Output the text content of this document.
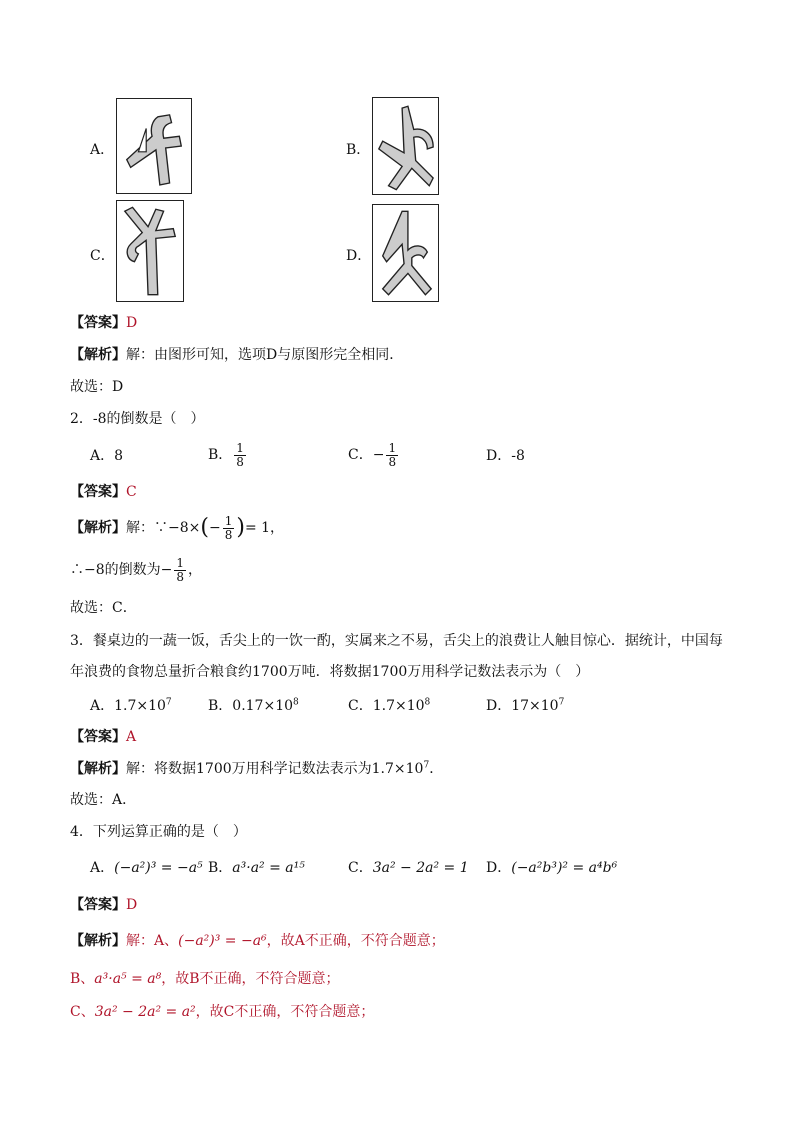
A．	B．
C．	D．
【答案】D
【解析】解：由图形可知，选项D与原图形完全相同．
故选：D
2．-8的倒数是（　）
A．8	B． $\frac{1}{8}$	C．− $\frac{1}{8}$	D．-8
【答案】C
【解析】解：∵−8×(− $\frac{1}{8}$ )= 1，
∴−8的倒数为− $\frac{1}{8}$ ，
故选：C．
3．餐桌边的一蔬一饭，舌尖上的一饮一酌，实属来之不易，舌尖上的浪费让人触目惊心．据统计，中国每
年浪费的食物总量折合粮食约1700万吨．将数据1700万用科学记数法表示为（　）
A．$1.7\times 10^7$	B．$0.17\times 10^8$	C．$1.7\times 10^8$	D．$17\times 10^7$
【答案】A
【解析】解：将数据1700万用科学记数法表示为$1.7\times 10^7$．
故选：A．
4．下列运算正确的是（　）
A．(−a²)³ = −a⁵ B．a³·a² = a¹⁵	C．3a² − 2a² = 1 D．(−a²b³)² = a⁴b⁶
【答案】D
【解析】解：A、(−a²)³ = −a⁶，故A不正确，不符合题意；
B、a³·a⁵ = a⁸，故B不正确，不符合题意；
C、3a² − 2a² = a²，故C不正确，不符合题意；
